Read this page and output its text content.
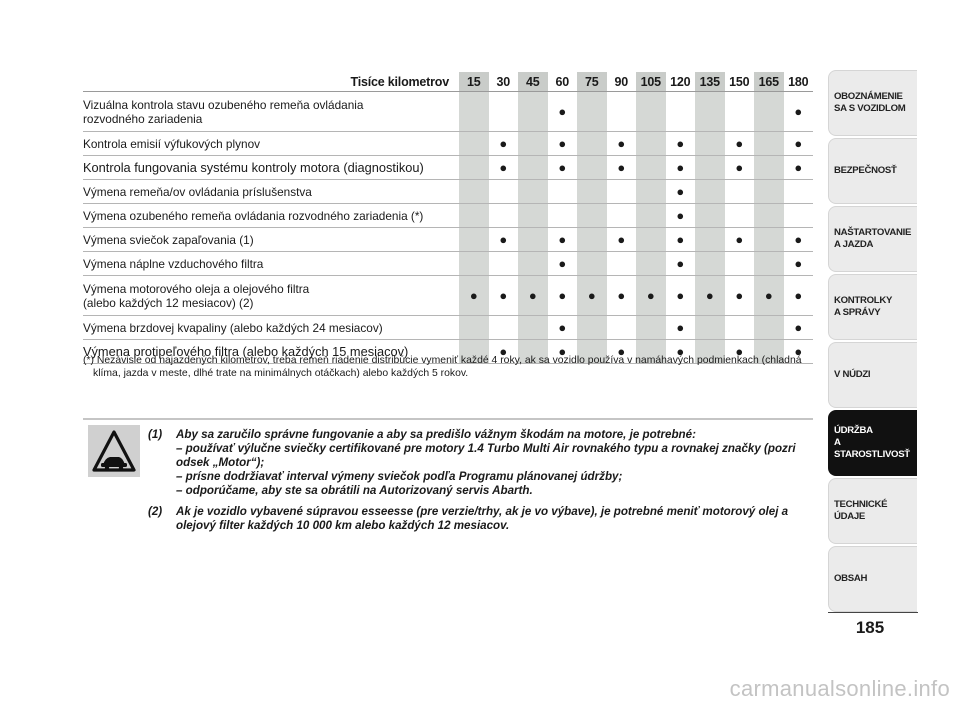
Tisíce kilometrov	15	30	45	60	75	90	105	120	135	150	165	180
Vizuálna kontrola stavu ozubeného remeňa ovládania
rozvodného zariadenia				●								●
Kontrola emisií výfukových plynov		●		●		●		●		●		●
Kontrola fungovania systému kontroly motora (diagnostikou)		●		●		●		●		●		●
Výmena remeňa/ov ovládania príslušenstva								●				
Výmena ozubeného remeňa ovládania rozvodného zariadenia (*)								●				
Výmena sviečok zapaľovania (1)		●		●		●		●		●		●
Výmena náplne vzduchového filtra				●				●				●
Výmena motorového oleja a olejového filtra
(alebo každých 12 mesiacov) (2)	●	●	●	●	●	●	●	●	●	●	●	●
Výmena brzdovej kvapaliny (alebo každých 24 mesiacov)				●				●				●
Výmena protipeľového filtra (alebo každých 15 mesiacov)		●		●		●		●		●		●
(*) Nezávisle od najazdených kilometrov, treba remeň riadenie distribúcie vymeniť každé 4 roky, ak sa vozidlo používa v namáhavých podmienkach (chladná klíma, jazda v meste, dlhé trate na minimálnych otáčkach) alebo každých 5 rokov.
(1)	Aby sa zaručilo správne fungovanie a aby sa predišlo vážnym škodám na motore, je potrebné:
– používať výlučne sviečky certifikované pre motory 1.4 Turbo Multi Air rovnakého typu a rovnakej značky (pozri odsek „Motor“);
– prísne dodržiavať interval výmeny sviečok podľa Programu plánovanej údržby;
– odporúčame, aby ste sa obrátili na Autorizovaný servis Abarth.
(2)	Ak je vozidlo vybavené súpravou esseesse (pre verzie/trhy, ak je vo výbave), je potrebné meniť motorový olej a olejový filter každých 10 000 km alebo každých 12 mesiacov.
OBOZNÁMENIE
SA S VOZIDLOM
BEZPEČNOSŤ
NAŠTARTOVANIE
A JAZDA
KONTROLKY
A SPRÁVY
V NÚDZI
ÚDRŽBA
A STAROSTLIVOSŤ
TECHNICKÉ
ÚDAJE
OBSAH
185
carmanualsonline.info
